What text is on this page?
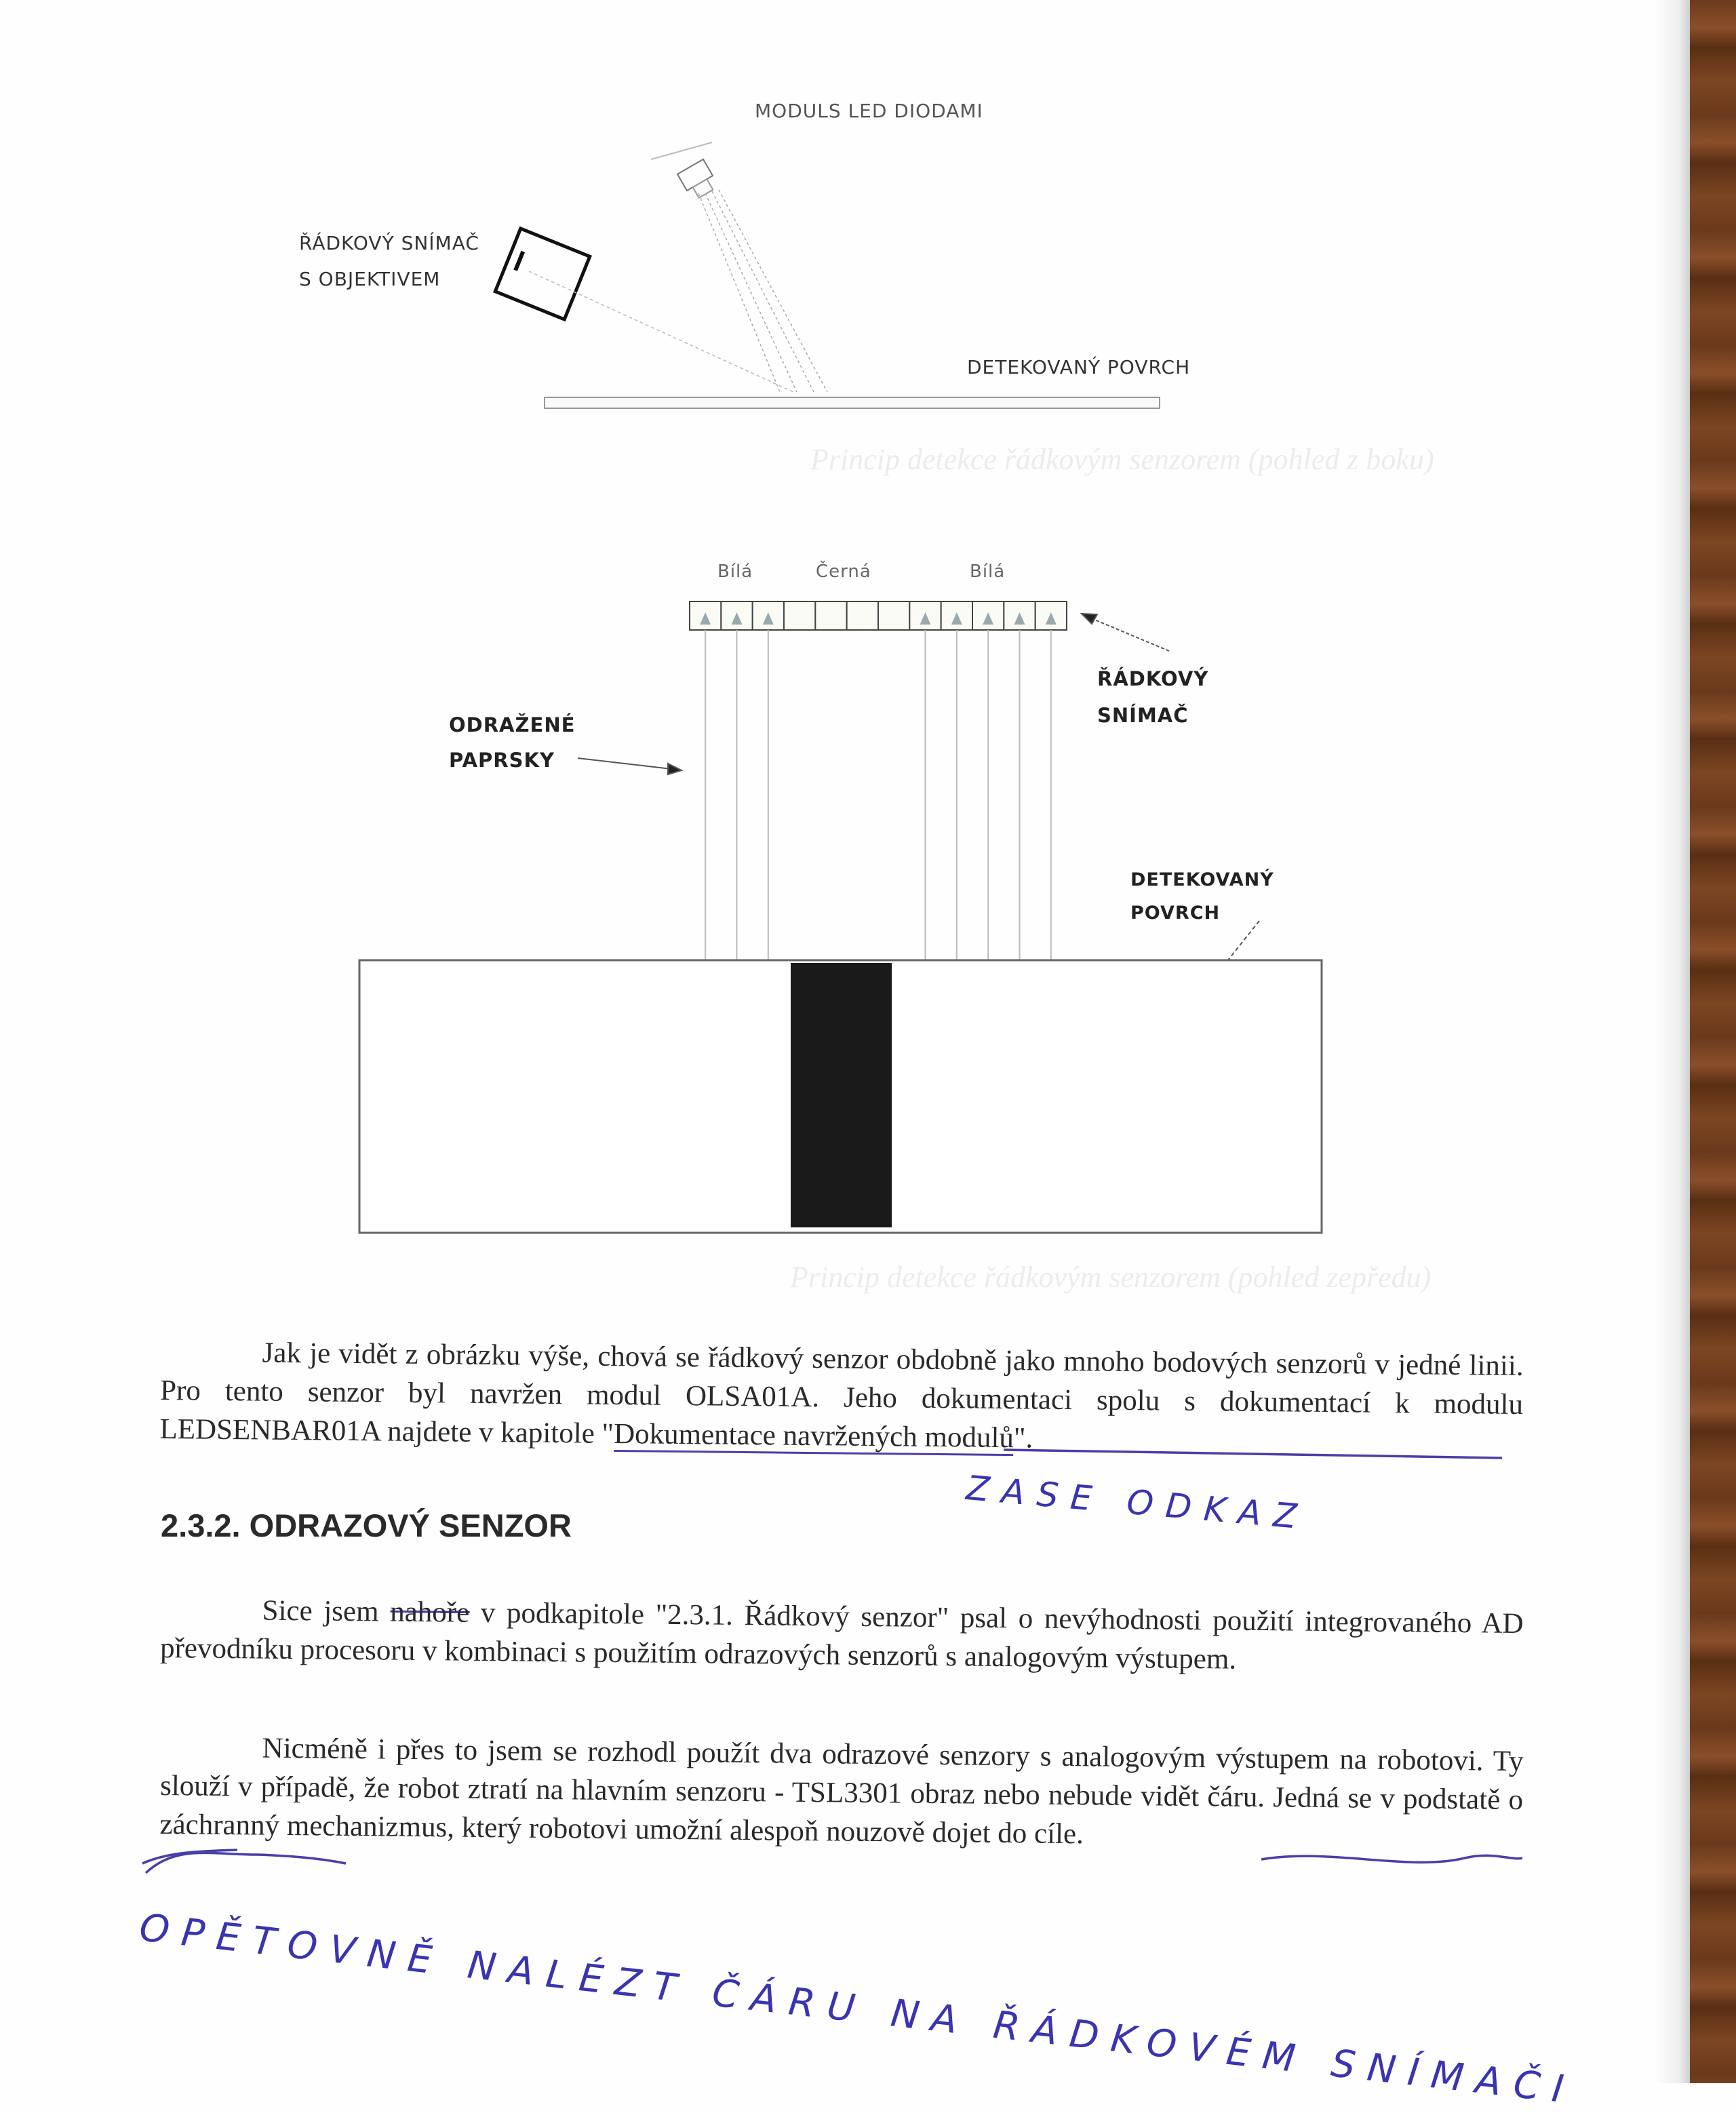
MODULS LED DIODAMI
ŘÁDKOVÝ SNÍMAČ
S OBJEKTIVEM
DETEKOVANÝ POVRCH
Princip detekce řádkovým senzorem (pohled z boku)
Bílá	Černá	Bílá
ŘÁDKOVÝ
SNÍMAČ
ODRAŽENÉ
PAPRSKY
DETEKOVANÝ
POVRCH
Princip detekce řádkovým senzorem (pohled zepředu)

Jak je vidět z obrázku výše, chová se řádkový senzor obdobně jako mnoho bodových senzorů v jedné linii. Pro tento senzor byl navržen modul OLSA01A. Jeho dokumentaci spolu s dokumentací k modulu LEDSENBAR01A najdete v kapitole "Dokumentace navržených modulů".

ZASE ODKAZ
2.3.2. ODRAZOVÝ SENZOR

Sice jsem nahoře v podkapitole "2.3.1. Řádkový senzor" psal o nevýhodnosti použití integrovaného AD převodníku procesoru v kombinaci s použitím odrazových senzorů s analogovým výstupem.

Nicméně i přes to jsem se rozhodl použít dva odrazové senzory s analogovým výstupem na robotovi. Ty slouží v případě, že robot ztratí na hlavním senzoru - TSL3301 obraz nebo nebude vidět čáru. Jedná se v podstatě o záchranný mechanizmus, který robotovi umožní alespoň nouzově dojet do cíle.

OPĚTOVNĚ NALÉZT ČÁRU NA ŘÁDKOVÉM SNÍMAČI
